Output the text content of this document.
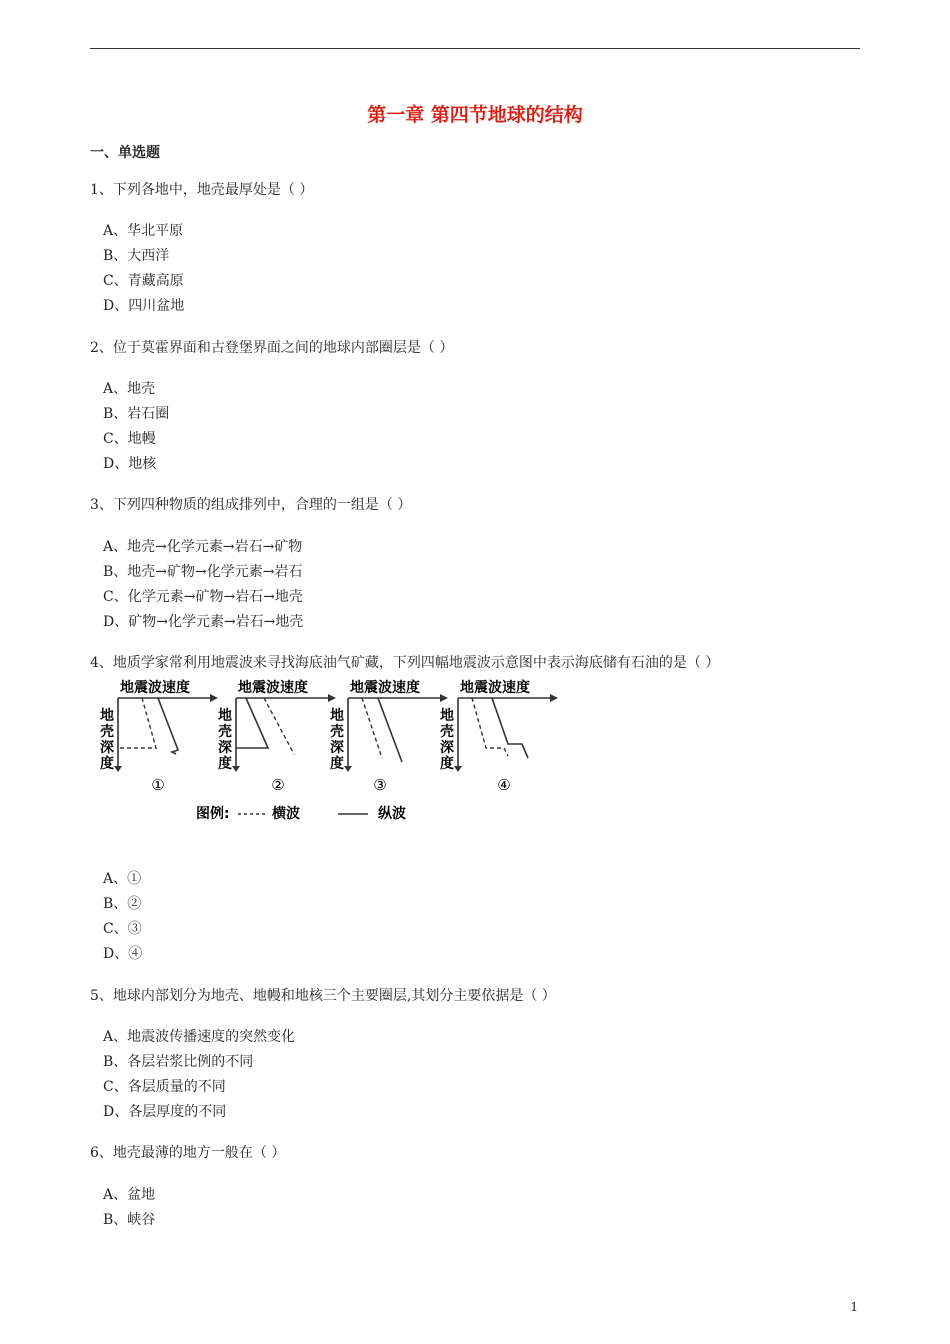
第一章 第四节地球的结构
一、单选题
1、下列各地中，地壳最厚处是（ ）
A、华北平原
B、大西洋
C、青藏高原
D、四川盆地
2、位于莫霍界面和古登堡界面之间的地球内部圈层是（ ）
A、地壳
B、岩石圈
C、地幔
D、地核
3、下列四种物质的组成排列中，合理的一组是（ ）
A、地壳→化学元素→岩石→矿物
B、地壳→矿物→化学元素→岩石
C、化学元素→矿物→岩石→地壳
D、矿物→化学元素→岩石→地壳
4、地质学家常利用地震波来寻找海底油气矿藏，下列四幅地震波示意图中表示海底储有石油的是（ ）
地震波速度
地
壳
深
度
①
地震波速度
地
壳
深
度
②
地震波速度
地
壳
深
度
③
地震波速度
地
壳
深
度
④
图例:	横波	纵波
A、①
B、②
C、③
D、④
5、地球内部划分为地壳、地幔和地核三个主要圈层,其划分主要依据是（ ）
A、地震波传播速度的突然变化
B、各层岩浆比例的不同
C、各层质量的不同
D、各层厚度的不同
6、地壳最薄的地方一般在（ ）
A、盆地
B、峡谷
1
